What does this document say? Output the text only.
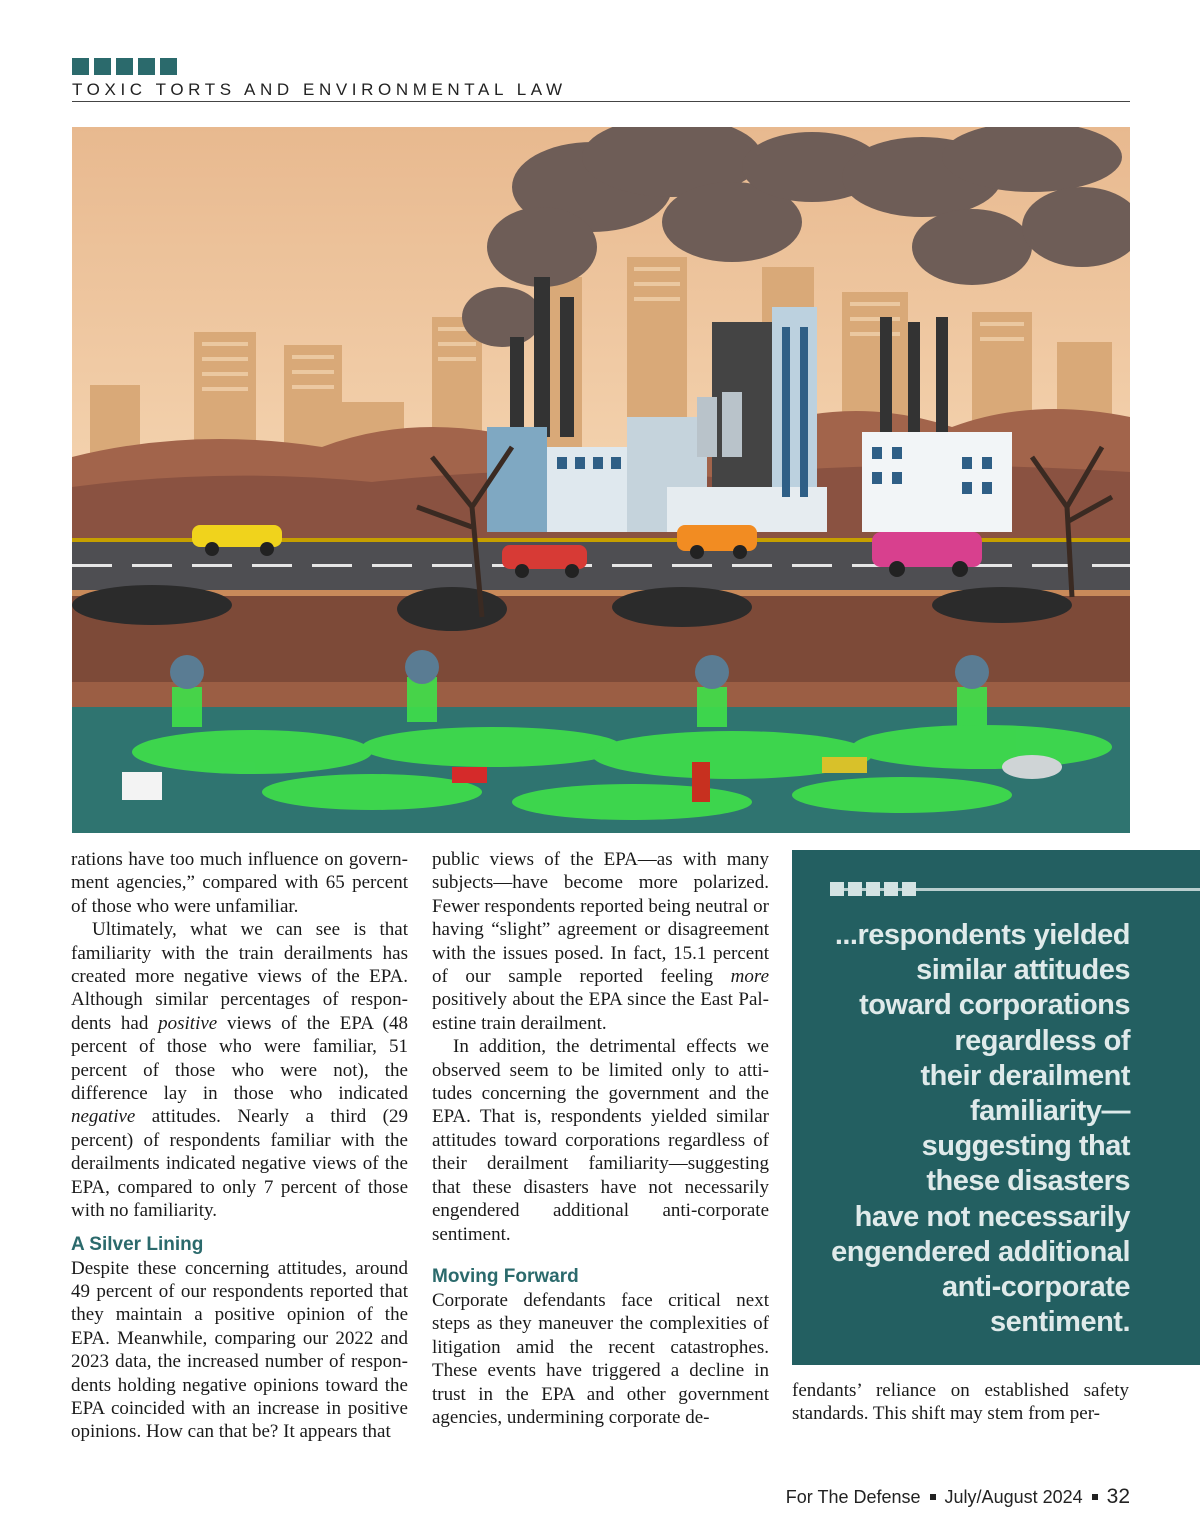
TOXIC TORTS AND ENVIRONMENTAL LAW

rations have too much influence on government agencies,” compared with 65 percent of those who were unfamiliar.

Ultimately, what we can see is that familiarity with the train derailments has created more negative views of the EPA. Although similar percentages of respondents had positive views of the EPA (48 percent of those who were familiar, 51 percent of those who were not), the difference lay in those who indicated negative attitudes. Nearly a third (29 percent) of respondents familiar with the derailments indicated negative views of the EPA, compared to only 7 percent of those with no familiarity.

A Silver Lining

Despite these concerning attitudes, around 49 percent of our respondents reported that they maintain a positive opinion of the EPA. Meanwhile, comparing our 2022 and 2023 data, the increased number of respondents holding negative opinions toward the EPA coincided with an increase in positive opinions. How can that be? It appears that

public views of the EPA—as with many subjects—have become more polarized. Fewer respondents reported being neutral or having “slight” agreement or disagreement with the issues posed. In fact, 15.1 percent of our sample reported feeling more positively about the EPA since the East Palestine train derailment.

In addition, the detrimental effects we observed seem to be limited only to attitudes concerning the government and the EPA. That is, respondents yielded similar attitudes toward corporations regardless of their derailment familiarity—suggesting that these disasters have not necessarily engendered additional anti-corporate sentiment.

Moving Forward

Corporate defendants face critical next steps as they maneuver the complexities of litigation amid the recent catastrophes. These events have triggered a decline in trust in the EPA and other government agencies, undermining corporate de-

...respondents yielded
similar attitudes
toward corporations
regardless of
their derailment
familiarity—
suggesting that
these disasters
have not necessarily
engendered additional
anti-corporate
sentiment.

fendants’ reliance on established safety standards. This shift may stem from per-

For The Defense July/August 2024 32
